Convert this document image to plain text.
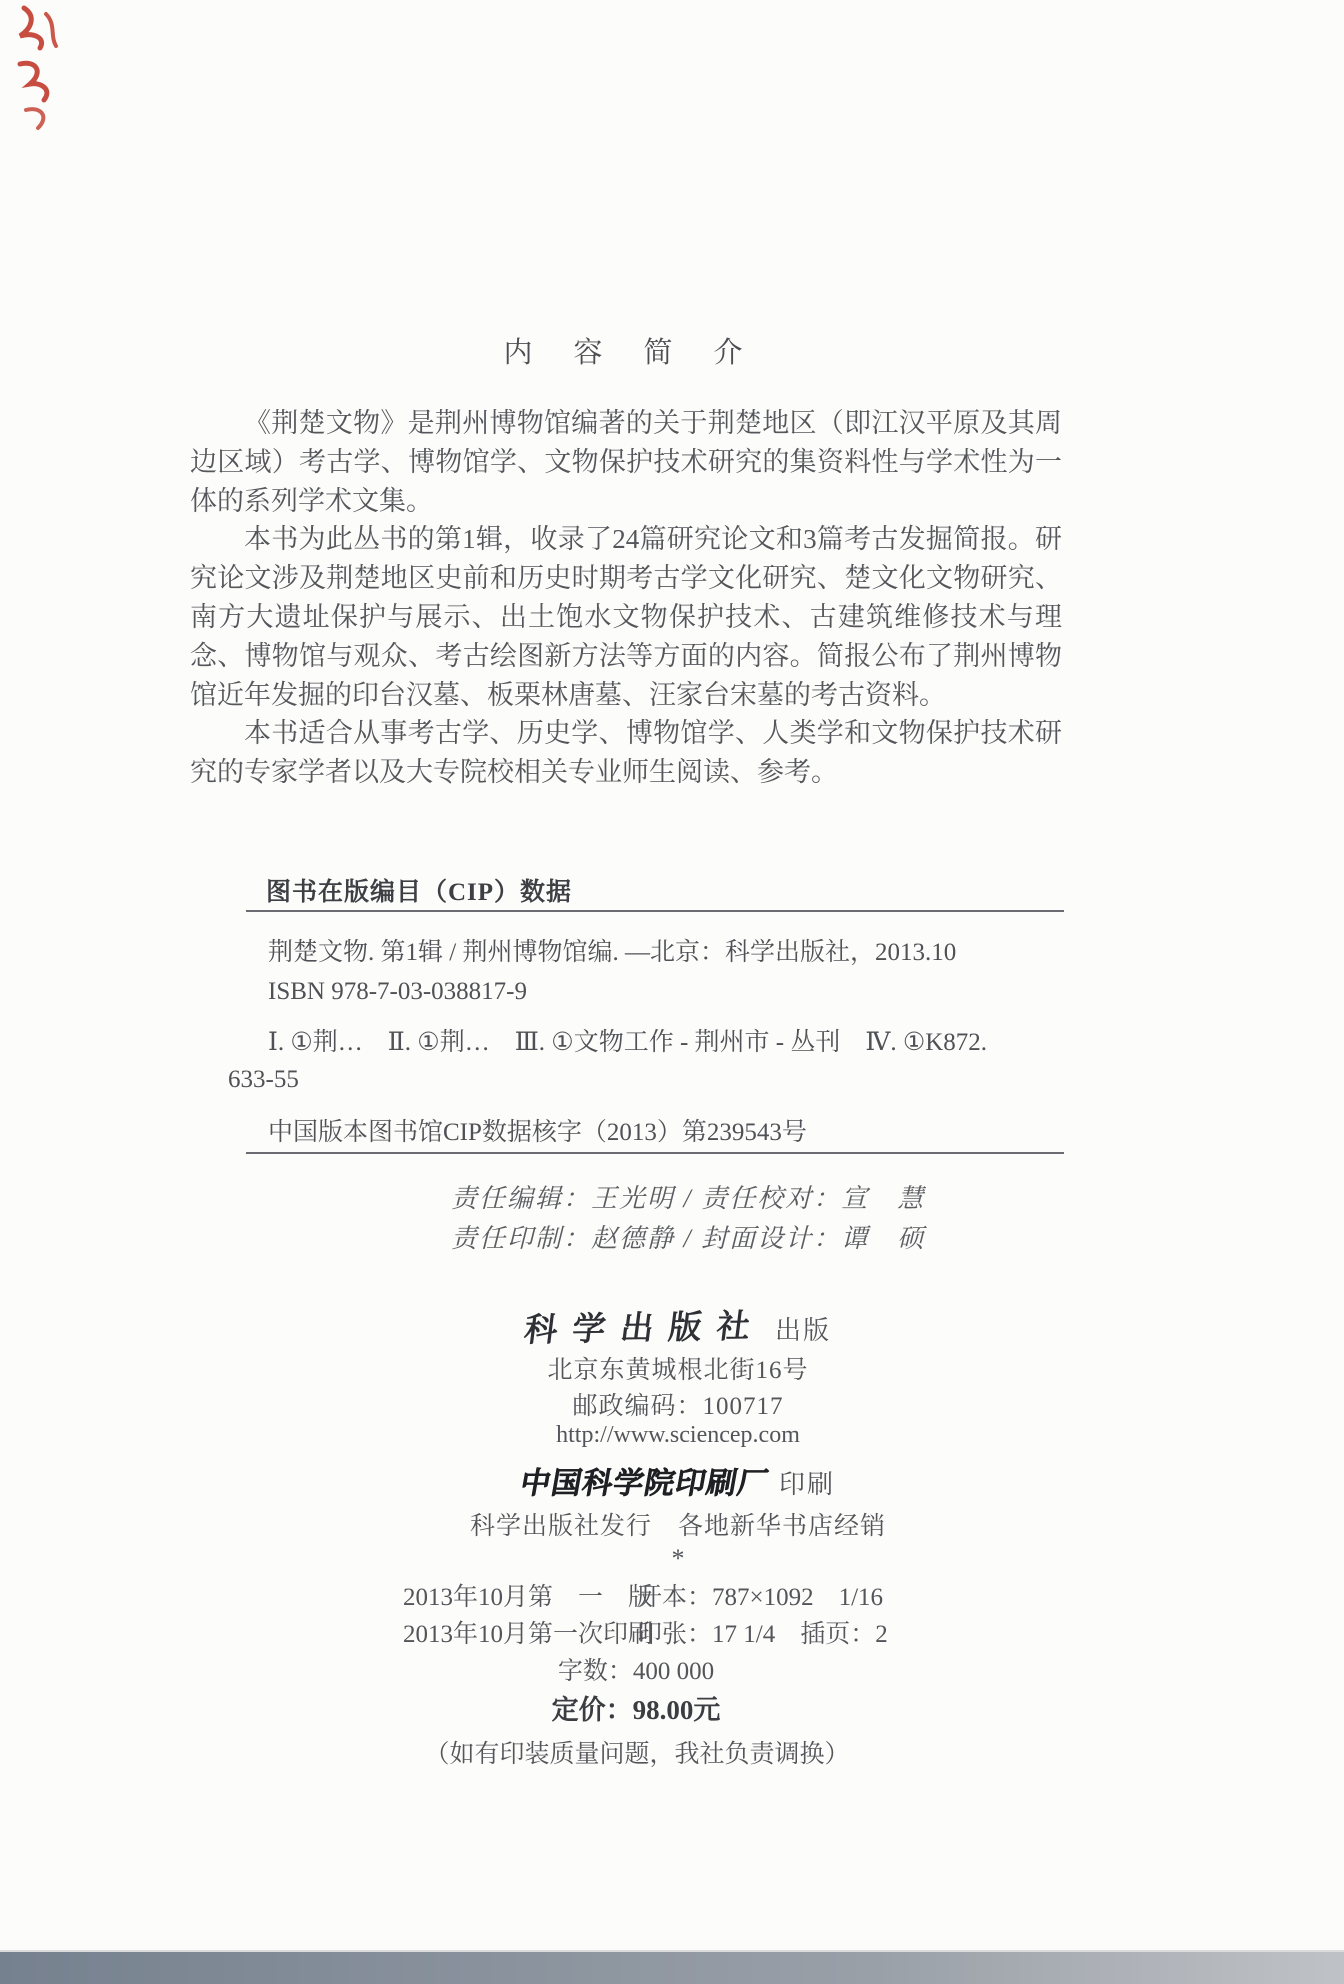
内　容　简　介

《荆楚文物》是荆州博物馆编著的关于荆楚地区（即江汉平原及其周边区域）考古学、博物馆学、文物保护技术研究的集资料性与学术性为一体的系列学术文集。

本书为此丛书的第1辑，收录了24篇研究论文和3篇考古发掘简报。研究论文涉及荆楚地区史前和历史时期考古学文化研究、楚文化文物研究、南方大遗址保护与展示、出土饱水文物保护技术、古建筑维修技术与理念、博物馆与观众、考古绘图新方法等方面的内容。简报公布了荆州博物馆近年发掘的印台汉墓、板栗林唐墓、汪家台宋墓的考古资料。

本书适合从事考古学、历史学、博物馆学、人类学和文物保护技术研究的专家学者以及大专院校相关专业师生阅读、参考。

图书在版编目（CIP）数据
荆楚文物. 第1辑 / 荆州博物馆编. —北京：科学出版社，2013.10
ISBN 978-7-03-038817-9
Ⅰ. ①荆…　Ⅱ. ①荆…　Ⅲ. ①文物工作 - 荆州市 - 丛刊　Ⅳ. ①K872.
633-55
中国版本图书馆CIP数据核字（2013）第239543号
责任编辑：王光明 / 责任校对：宣　慧
责任印制：赵德静 / 封面设计：谭　硕
科学出版社 出版
北京东黄城根北街16号
邮政编码：100717
http://www.sciencep.com
中国科学院印刷厂 印刷
科学出版社发行　各地新华书店经销
*
2013年10月第　一　版
开本：787×1092　1/16
2013年10月第一次印刷
印张：17 1/4　插页：2
字数：400 000
定价：98.00元
（如有印装质量问题，我社负责调换）
